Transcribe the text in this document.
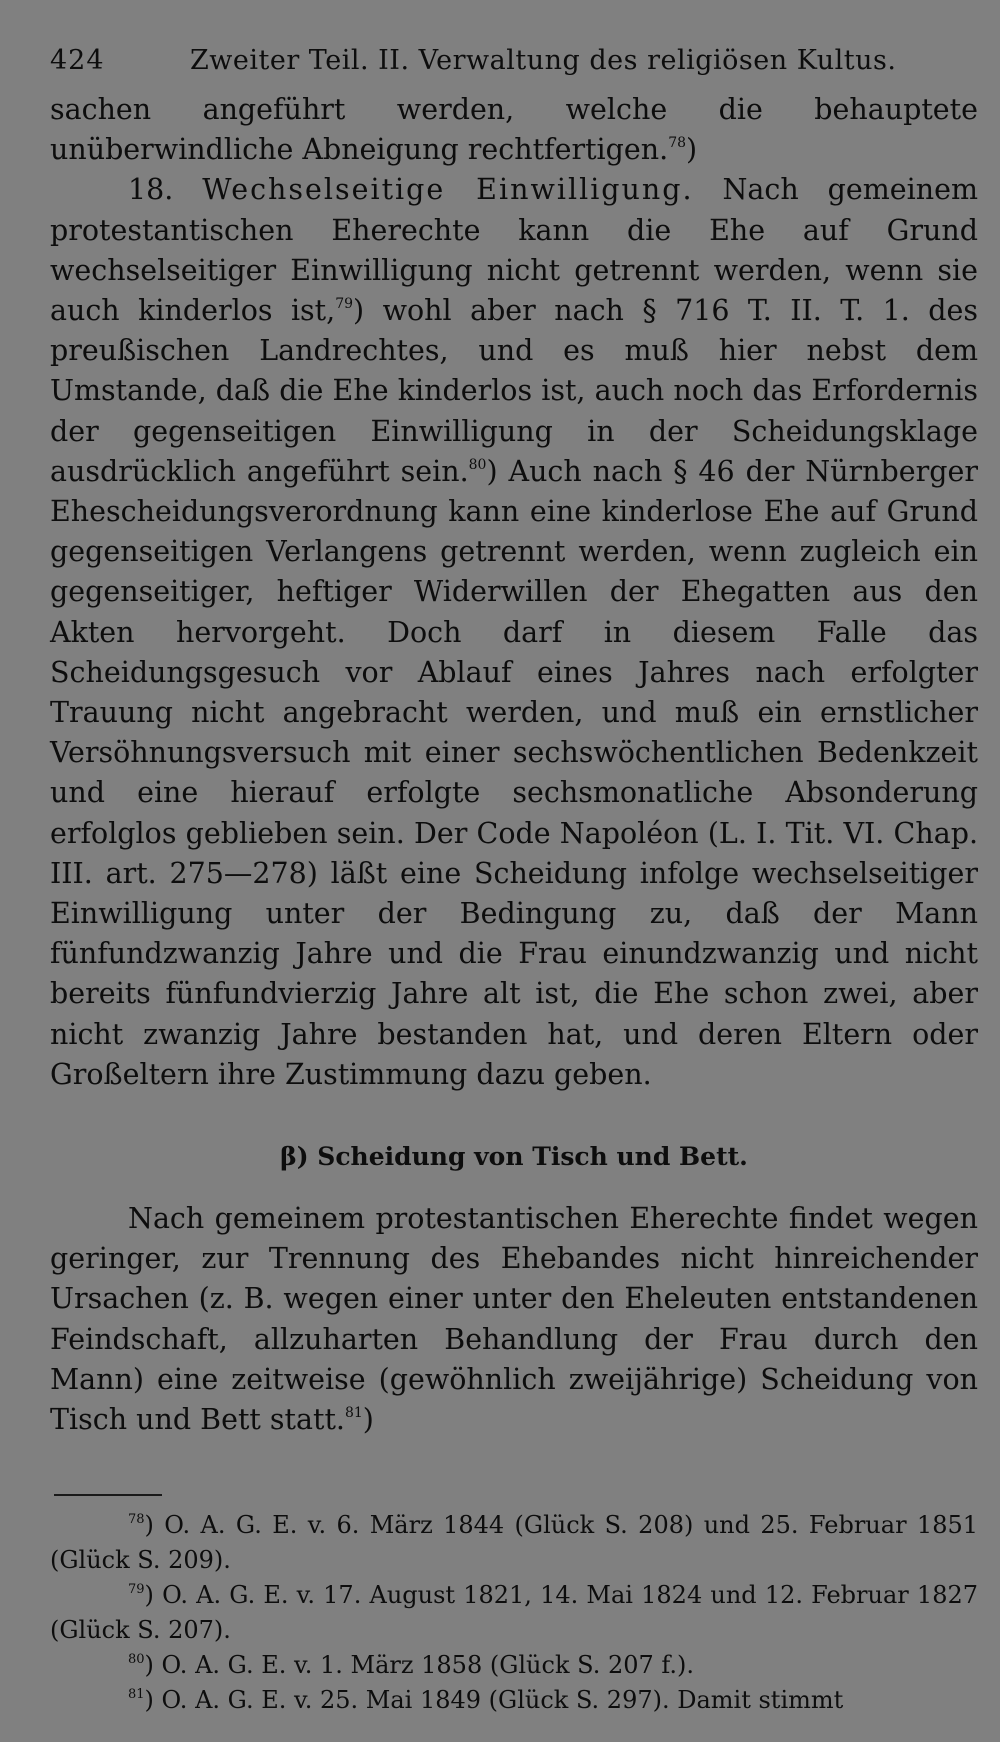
424	Zweiter Teil. II. Verwaltung des religiösen Kultus.

sachen angeführt werden, welche die behauptete unüberwindliche Abneigung rechtfertigen.$^{78}$)

18. Wechselseitige Einwilligung. Nach gemeinem protestantischen Eherechte kann die Ehe auf Grund wechselseitiger Einwilligung nicht getrennt werden, wenn sie auch kinderlos ist,$^{79}$) wohl aber nach § 716 T. II. T. 1. des preußischen Landrechtes, und es muß hier nebst dem Umstande, daß die Ehe kinderlos ist, auch noch das Erfordernis der gegenseitigen Einwilligung in der Scheidungsklage ausdrücklich angeführt sein.$^{80}$) Auch nach § 46 der Nürnberger Ehescheidungsverordnung kann eine kinderlose Ehe auf Grund gegenseitigen Verlangens getrennt werden, wenn zugleich ein gegenseitiger, heftiger Widerwillen der Ehegatten aus den Akten hervorgeht. Doch darf in diesem Falle das Scheidungsgesuch vor Ablauf eines Jahres nach erfolgter Trauung nicht angebracht werden, und muß ein ernstlicher Versöhnungsversuch mit einer sechswöchentlichen Bedenkzeit und eine hierauf erfolgte sechsmonatliche Absonderung erfolglos geblieben sein. Der Code Napoléon (L. I. Tit. VI. Chap. III. art. 275—278) läßt eine Scheidung infolge wechselseitiger Einwilligung unter der Bedingung zu, daß der Mann fünfundzwanzig Jahre und die Frau einundzwanzig und nicht bereits fünfundvierzig Jahre alt ist, die Ehe schon zwei, aber nicht zwanzig Jahre bestanden hat, und deren Eltern oder Großeltern ihre Zustimmung dazu geben.

β) Scheidung von Tisch und Bett.

Nach gemeinem protestantischen Eherechte findet wegen geringer, zur Trennung des Ehebandes nicht hinreichender Ursachen (z. B. wegen einer unter den Eheleuten entstandenen Feindschaft, allzuharten Behandlung der Frau durch den Mann) eine zeitweise (gewöhnlich zweijährige) Scheidung von Tisch und Bett statt.$^{81}$)

$^{78}$) O. A. G. E. v. 6. März 1844 (Glück S. 208) und 25. Februar 1851 (Glück S. 209).

$^{79}$) O. A. G. E. v. 17. August 1821, 14. Mai 1824 und 12. Februar 1827 (Glück S. 207).

$^{80}$) O. A. G. E. v. 1. März 1858 (Glück S. 207 f.).

$^{81}$) O. A. G. E. v. 25. Mai 1849 (Glück S. 297). Damit stimmt
